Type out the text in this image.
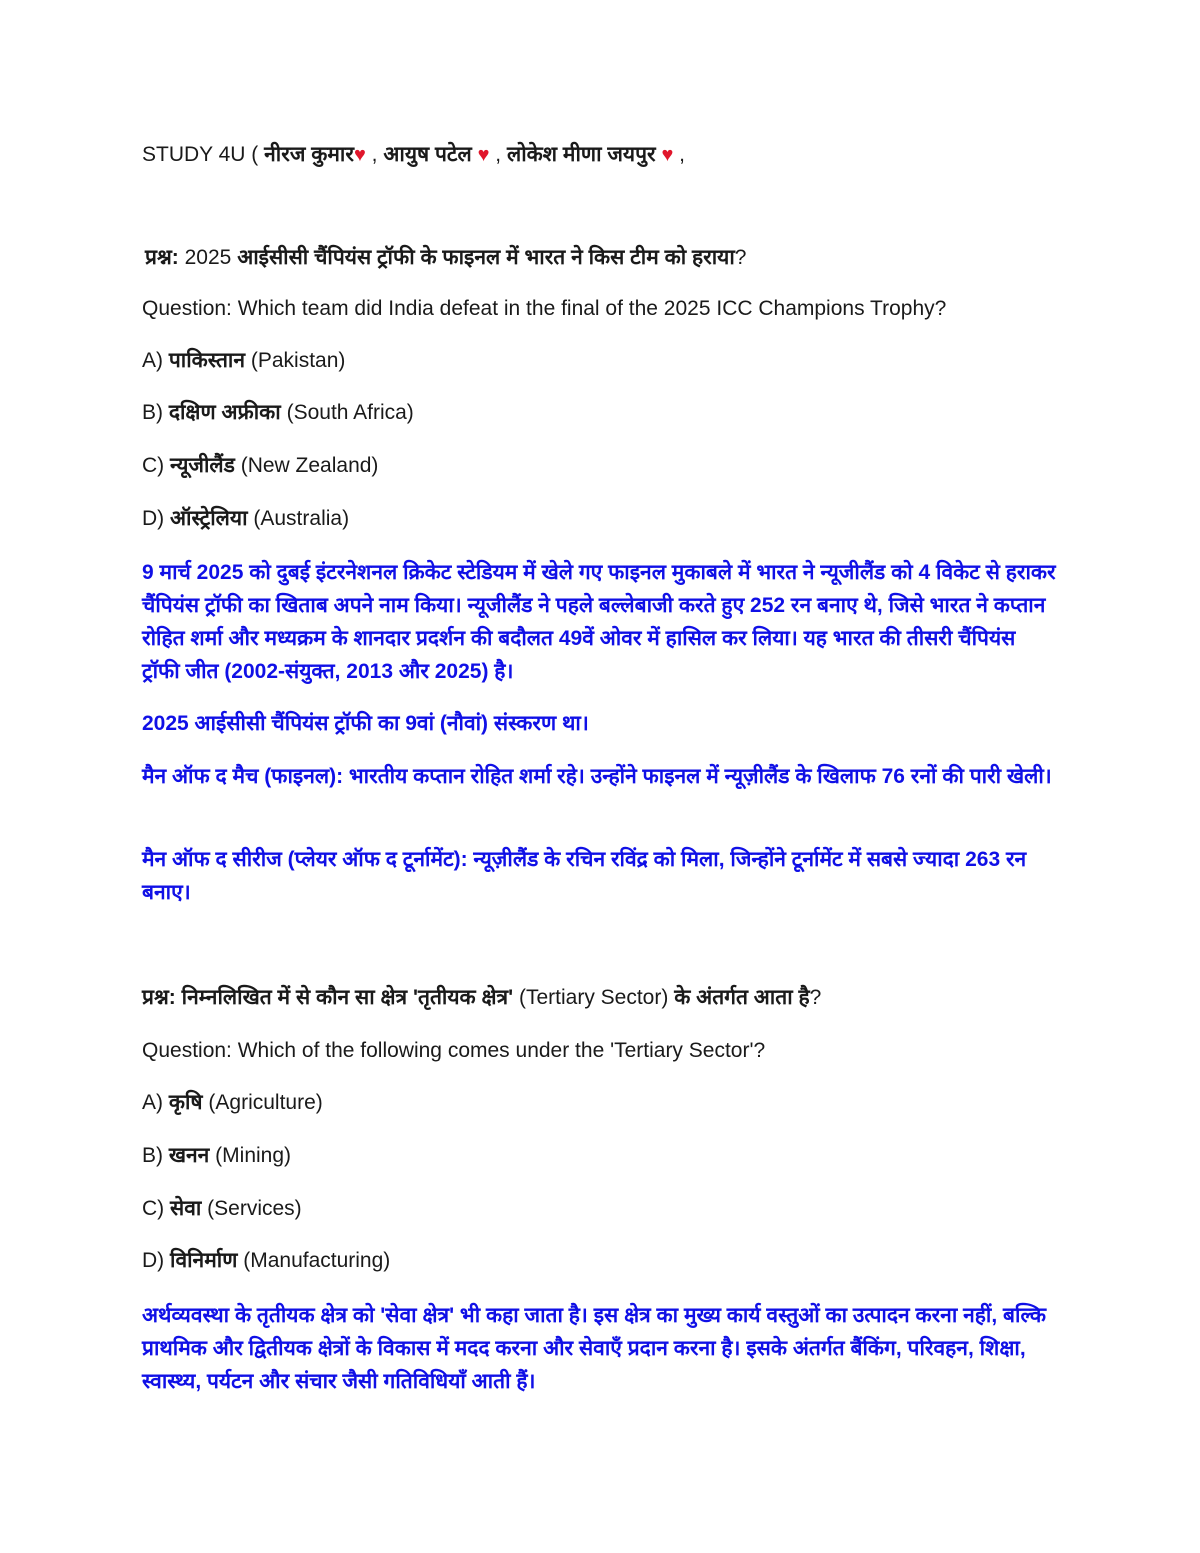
STUDY 4U ( नीरज कुमार♥ , आयुष पटेल ♥ , लोकेश मीणा जयपुर ♥ ,
प्रश्न: 2025 आईसीसी चैंपियंस ट्रॉफी के फाइनल में भारत ने किस टीम को हराया?
Question: Which team did India defeat in the final of the 2025 ICC Champions Trophy?
A) पाकिस्तान (Pakistan)
B) दक्षिण अफ्रीका (South Africa)
C) न्यूजीलैंड (New Zealand)
D) ऑस्ट्रेलिया (Australia)
9 मार्च 2025 को दुबई इंटरनेशनल क्रिकेट स्टेडियम में खेले गए फाइनल मुकाबले में भारत ने न्यूजीलैंड को 4 विकेट से हराकर चैंपियंस ट्रॉफी का खिताब अपने नाम किया। न्यूजीलैंड ने पहले बल्लेबाजी करते हुए 252 रन बनाए थे, जिसे भारत ने कप्तान रोहित शर्मा और मध्यक्रम के शानदार प्रदर्शन की बदौलत 49वें ओवर में हासिल कर लिया। यह भारत की तीसरी चैंपियंस ट्रॉफी जीत (2002-संयुक्त, 2013 और 2025) है।
2025 आईसीसी चैंपियंस ट्रॉफी का 9वां (नौवां) संस्करण था।
मैन ऑफ द मैच (फाइनल): भारतीय कप्तान रोहित शर्मा रहे। उन्होंने फाइनल में न्यूज़ीलैंड के खिलाफ 76 रनों की पारी खेली।
मैन ऑफ द सीरीज (प्लेयर ऑफ द टूर्नामेंट): न्यूज़ीलैंड के रचिन रविंद्र को मिला, जिन्होंने टूर्नामेंट में सबसे ज्यादा 263 रन बनाए।
प्रश्न: निम्नलिखित में से कौन सा क्षेत्र 'तृतीयक क्षेत्र' (Tertiary Sector) के अंतर्गत आता है?
Question: Which of the following comes under the 'Tertiary Sector'?
A) कृषि (Agriculture)
B) खनन (Mining)
C) सेवा (Services)
D) विनिर्माण (Manufacturing)
अर्थव्यवस्था के तृतीयक क्षेत्र को 'सेवा क्षेत्र' भी कहा जाता है। इस क्षेत्र का मुख्य कार्य वस्तुओं का उत्पादन करना नहीं, बल्कि प्राथमिक और द्वितीयक क्षेत्रों के विकास में मदद करना और सेवाएँ प्रदान करना है। इसके अंतर्गत बैंकिंग, परिवहन, शिक्षा, स्वास्थ्य, पर्यटन और संचार जैसी गतिविधियाँ आती हैं।
